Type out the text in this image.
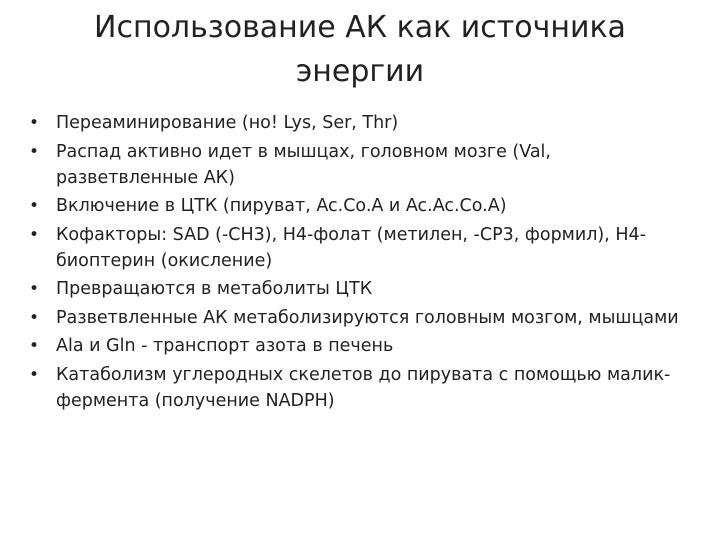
Использование АК как источника
энергии
• Переаминирование (но! Lys, Ser, Thr)
• Распад активно идет в мышцах, головном мозге (Val, разветвленные АК)
• Включение в ЦТК (пируват, Ac.Co.A и Ac.Ac.Co.A)
• Кофакторы: SAD (-CH3), Н4-фолат (метилен, -СР3, формил), Н4-биоптерин (окисление)
• Превращаются в метаболиты ЦТК
• Разветвленные АК метаболизируются головным мозгом, мышцами
• Ala и Gln - транспорт азота в печень
• Катаболизм углеродных скелетов до пирувата с помощью малик-фермента (получение NADPH)
